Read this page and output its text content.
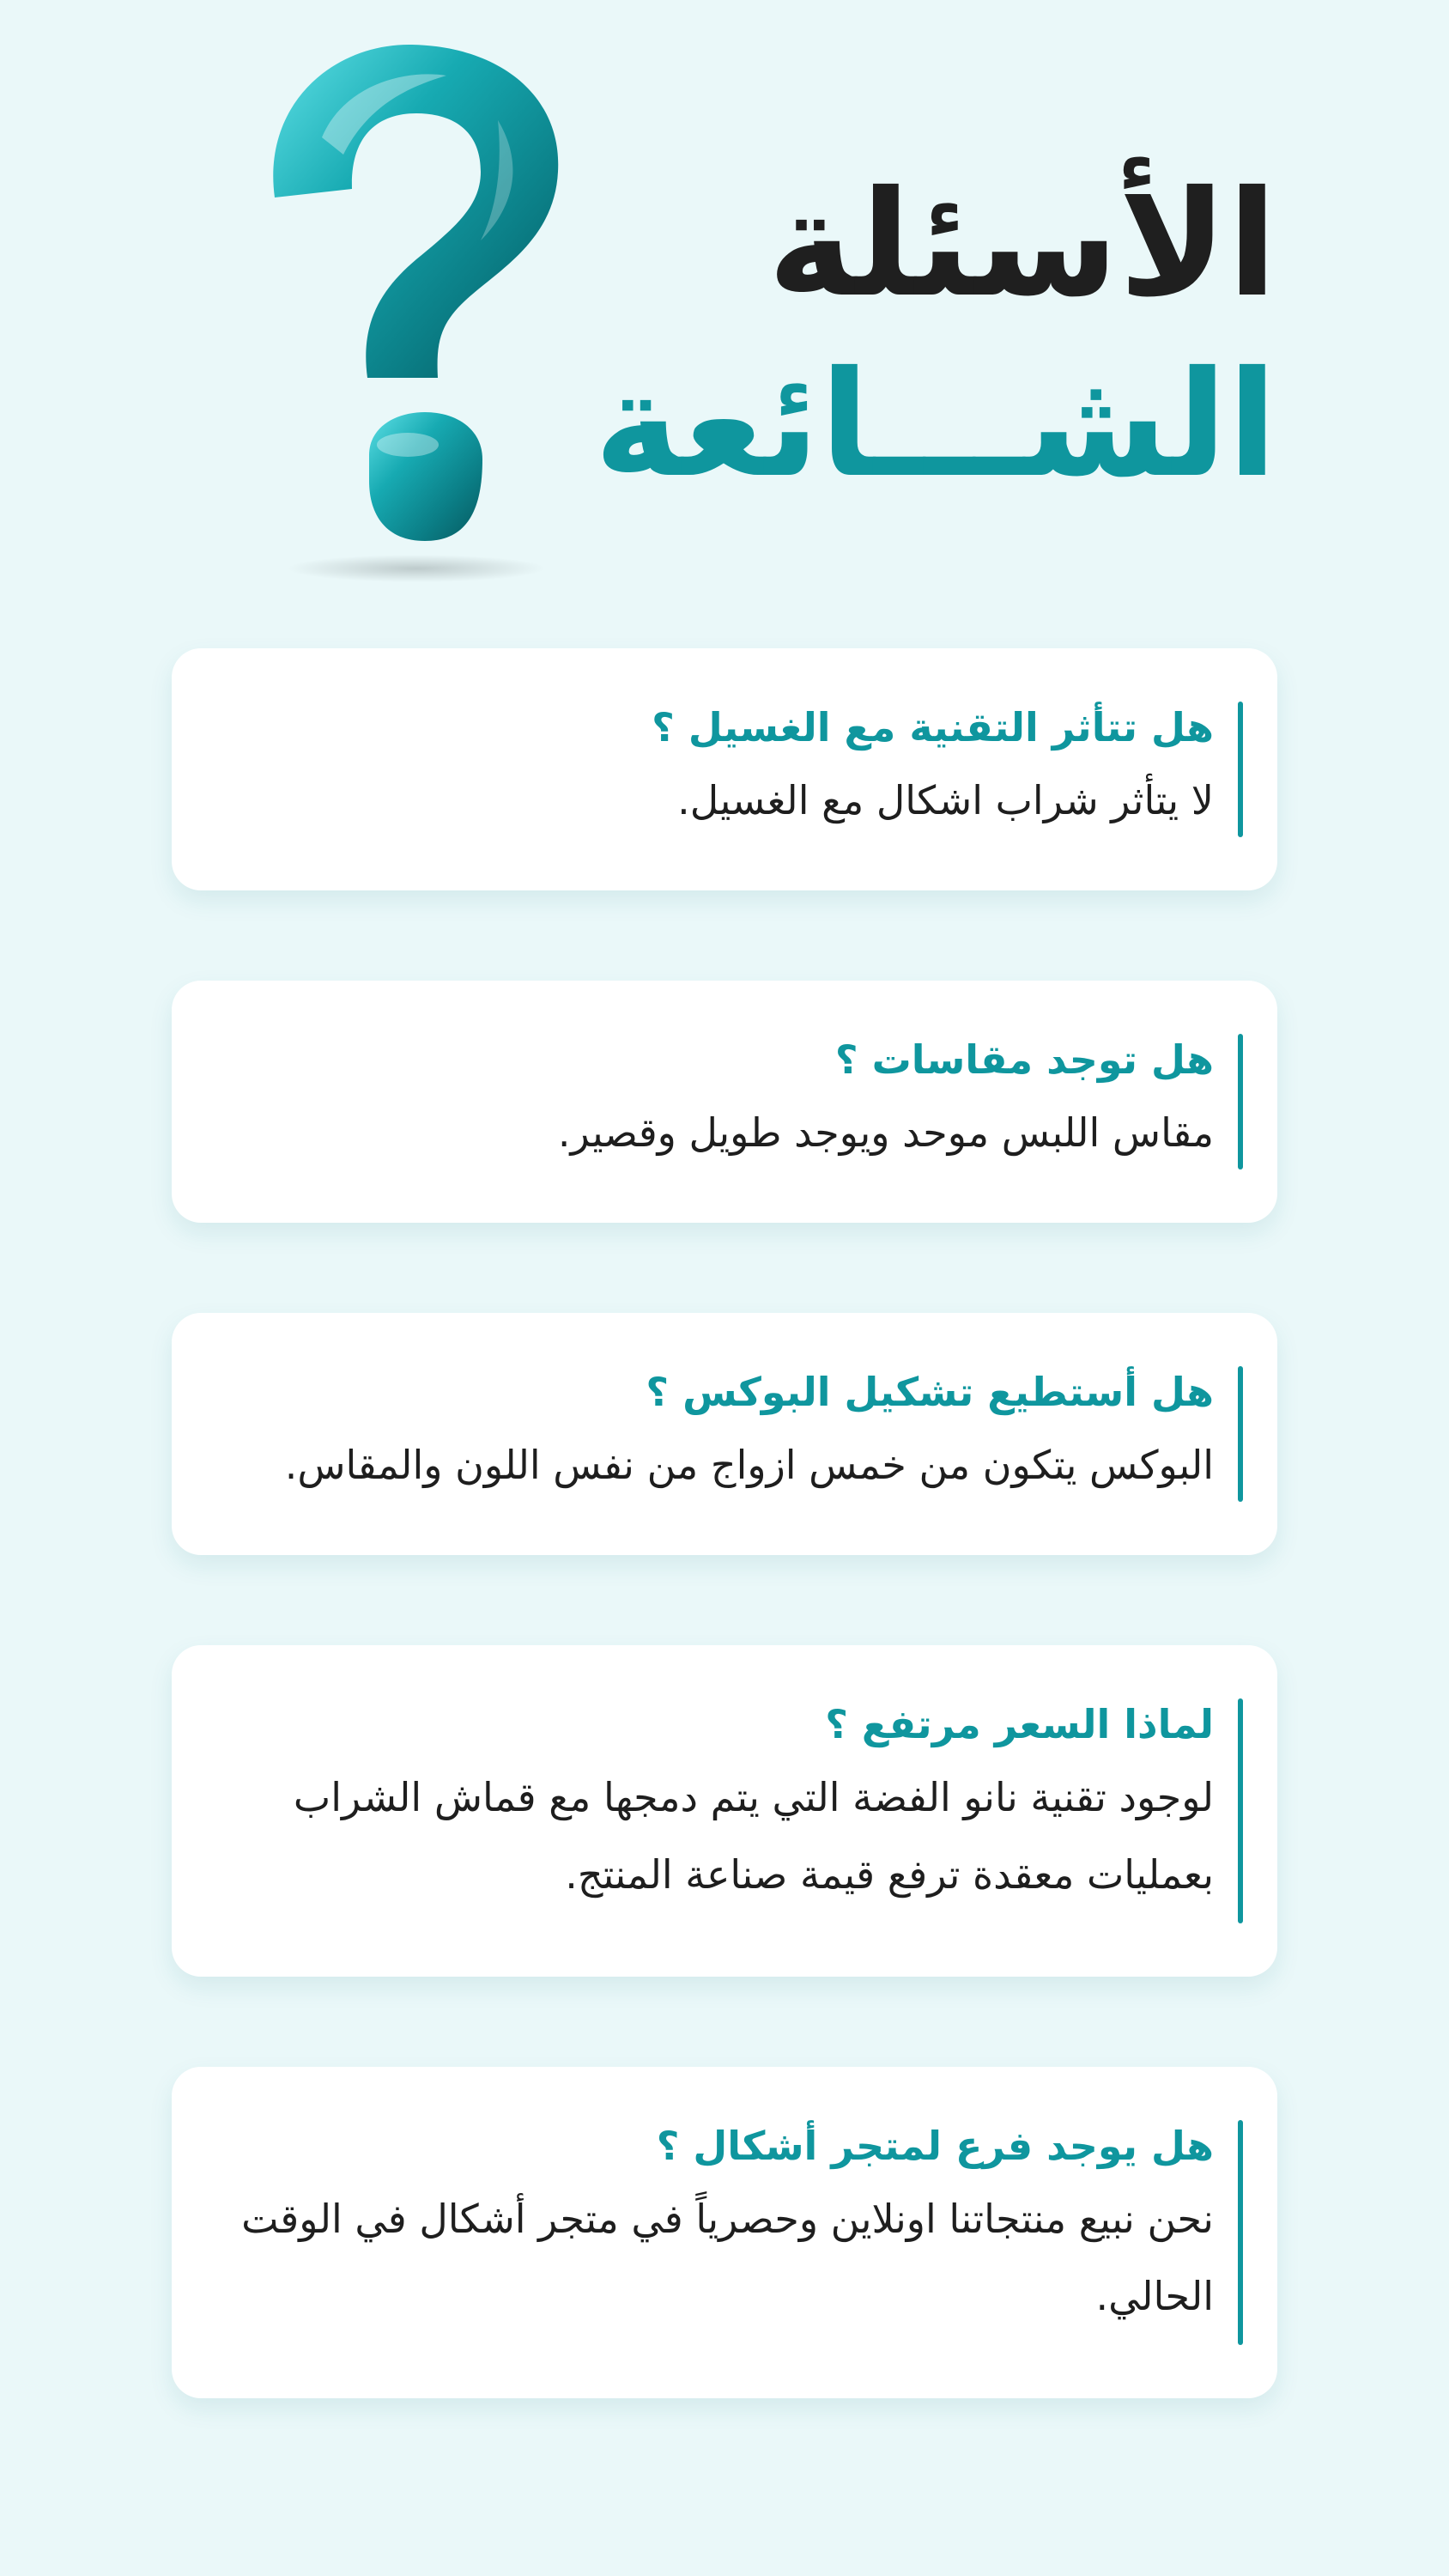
الأسئلة
الشـــائعة
هل تتأثر التقنية مع الغسيل ؟
لا يتأثر شراب اشكال مع الغسيل.
هل توجد مقاسات ؟
مقاس اللبس موحد ويوجد طويل وقصير.
هل أستطيع تشكيل البوكس ؟
البوكس يتكون من خمس ازواج من نفس اللون والمقاس.
لماذا السعر مرتفع ؟
لوجود تقنية نانو الفضة التي يتم دمجها مع قماش الشراب بعمليات معقدة ترفع قيمة صناعة المنتج.
هل يوجد فرع لمتجر أشكال ؟
نحن نبيع منتجاتنا اونلاين وحصرياً في متجر أشكال في الوقت الحالي.
